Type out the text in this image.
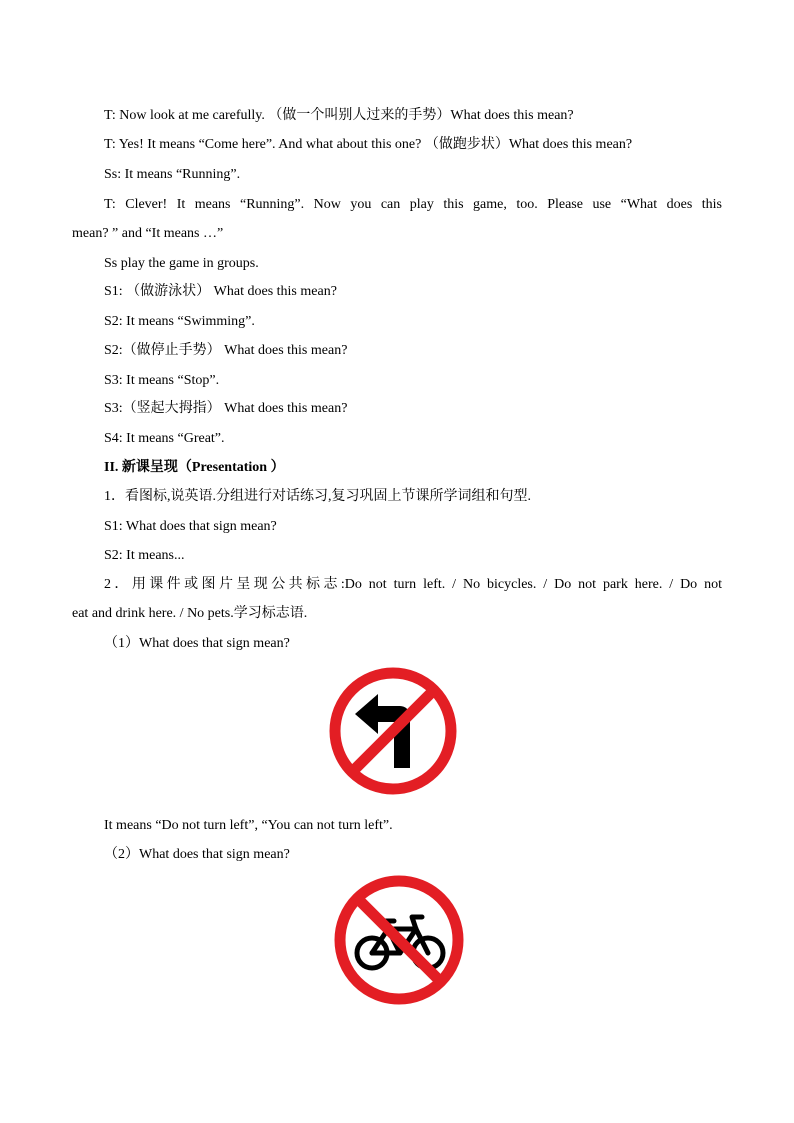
T: Now look at me carefully. （做一个叫别人过来的手势）What does this mean?
T: Yes! It means “Come here”. And what about this one? （做跑步状）What does this mean?
Ss: It means “Running”.
T: Clever! It means “Running”. Now you can play this game, too. Please use “What does this
mean? ” and “It means …”
Ss play the game in groups.
S1: （做游泳状） What does this mean?
S2: It means “Swimming”.
S2:（做停止手势） What does this mean?
S3: It means “Stop”.
S3:（竖起大拇指） What does this mean?
S4: It means “Great”.
II. 新课呈现（Presentation ）
1．看图标,说英语.分组进行对话练习,复习巩固上节课所学词组和句型.
S1: What does that sign mean?
S2: It means...
2．用课件或图片呈现公共标志:Do not turn left. / No bicycles. / Do not park here. / Do not
eat and drink here. / No pets.学习标志语.
（1）What does that sign mean?
It means “Do not turn left”, “You can not turn left”.
（2）What does that sign mean?
